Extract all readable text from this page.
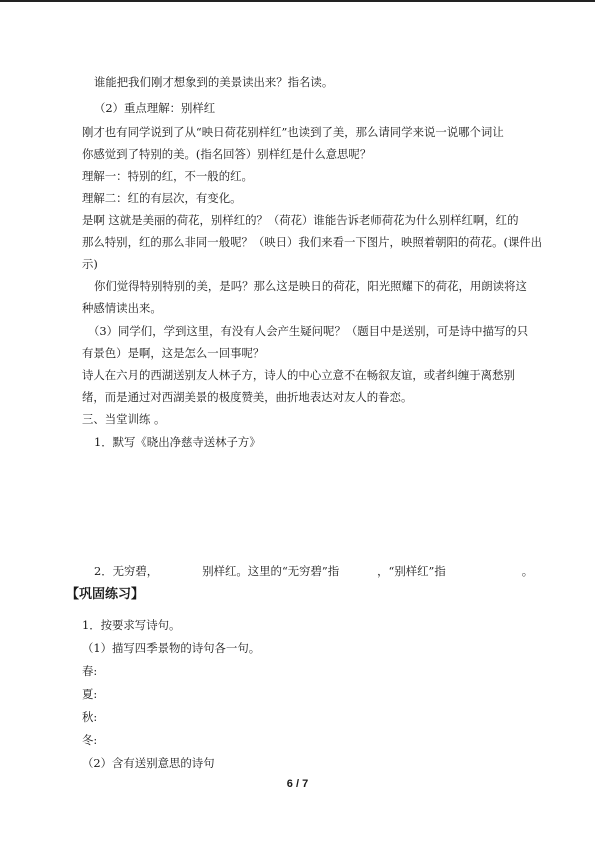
谁能把我们刚才想象到的美景读出来？指名读。
（2）重点理解：别样红
刚才也有同学说到了从“映日荷花别样红”也读到了美，那么请同学来说一说哪个词让
你感觉到了特别的美。(指名回答）别样红是什么意思呢？
理解一：特别的红，不一般的红。
理解二：红的有层次，有变化。
是啊 这就是美丽的荷花，别样红的？（荷花）谁能告诉老师荷花为什么别样红啊，红的
那么特别，红的那么非同一般呢？（映日）我们来看一下图片，映照着朝阳的荷花。(课件出
示)
你们觉得特别特别的美，是吗？那么这是映日的荷花，阳光照耀下的荷花，用朗读将这
种感情读出来。
（3）同学们，学到这里，有没有人会产生疑问呢？（题目中是送别，可是诗中描写的只
有景色）是啊，这是怎么一回事呢？
诗人在六月的西湖送别友人林子方，诗人的中心立意不在畅叙友谊，或者纠缠于离愁别
绪，而是通过对西湖美景的极度赞美，曲折地表达对友人的眷恋。
三、当堂训练 。
1．默写《晓出净慈寺送林子方》
2．无穷碧，	别样红。这里的“无穷碧”指	，“别样红”指	。
【巩固练习】
1．按要求写诗句。
（1）描写四季景物的诗句各一句。
春:
夏:
秋:
冬:
（2）含有送别意思的诗句
6 / 7
